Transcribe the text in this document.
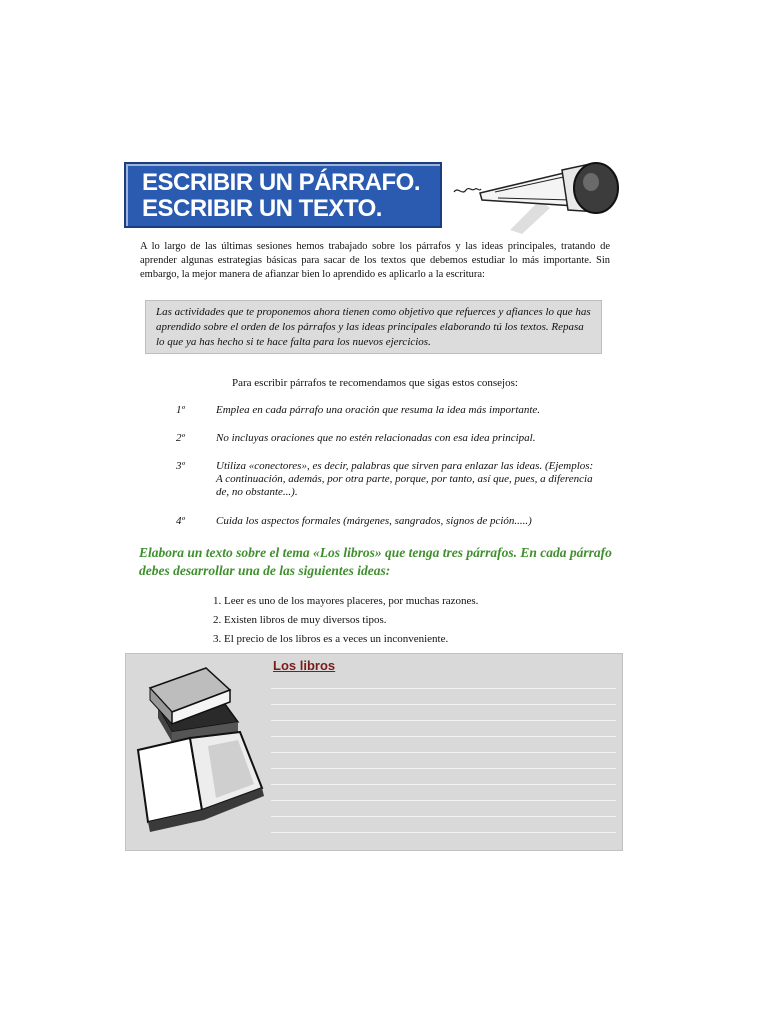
ESCRIBIR UN PÁRRAFO.
ESCRIBIR UN TEXTO.
A lo largo de las últimas sesiones hemos trabajado sobre los párrafos y las ideas principales, tratando de aprender algunas estrategias básicas para sacar de los textos que debemos estudiar lo más importante. Sin embargo, la mejor manera de afianzar bien lo aprendido es aplicarlo a la escritura:
Las actividades que te proponemos ahora tienen como objetivo que refuerces y afiances lo que has aprendido sobre el orden de los párrafos y las ideas principales elaborando tú los textos. Repasa lo que ya has hecho si te hace falta para los nuevos ejercicios.
Para escribir párrafos te recomendamos que sigas estos consejos:
1º	Emplea en cada párrafo una oración que resuma la idea más importante.
2º	No incluyas oraciones que no estén relacionadas con esa idea principal.
3º	Utiliza «conectores», es decir, palabras que sirven para enlazar las ideas. (Ejemplos: A continuación, además, por otra parte, porque, por tanto, así que, pues, a diferencia de, no obstante...).
4º	Cuida los aspectos formales (márgenes, sangrados, signos de pción.....)
Elabora un texto sobre el tema «Los libros» que tenga tres párrafos. En cada párrafo debes desarrollar una de las siguientes ideas:
1. Leer es uno de los mayores placeres, por muchas razones.
2. Existen libros de muy diversos tipos.
3. El precio de los libros es a veces un inconveniente.
Los libros
